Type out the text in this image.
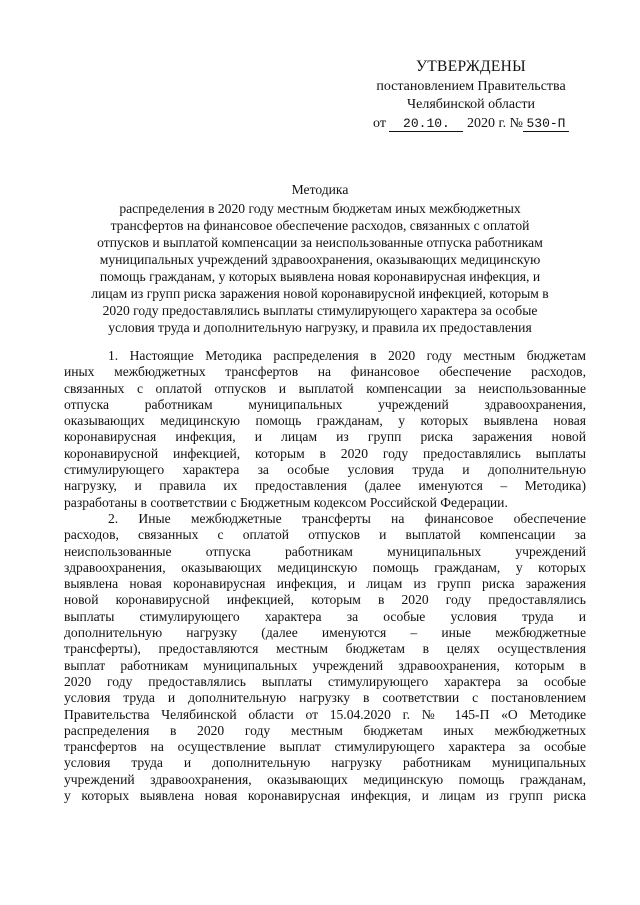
УТВЕРЖДЕНЫ
постановлением Правительства
Челябинской области
от 20.10. 2020 г. № 530-П
Методика
распределения в 2020 году местным бюджетам иных межбюджетных
трансфертов на финансовое обеспечение расходов, связанных с оплатой
отпусков и выплатой компенсации за неиспользованные отпуска работникам
муниципальных учреждений здравоохранения, оказывающих медицинскую
помощь гражданам, у которых выявлена новая коронавирусная инфекция, и
лицам из групп риска заражения новой коронавирусной инфекцией, которым в
2020 году предоставлялись выплаты стимулирующего характера за особые
условия труда и дополнительную нагрузку, и правила их предоставления
1. Настоящие Методика распределения в 2020 году местным бюджетам
иных межбюджетных трансфертов на финансовое обеспечение расходов,
связанных с оплатой отпусков и выплатой компенсации за неиспользованные
отпуска работникам муниципальных учреждений здравоохранения,
оказывающих медицинскую помощь гражданам, у которых выявлена новая
коронавирусная инфекция, и лицам из групп риска заражения новой
коронавирусной инфекцией, которым в 2020 году предоставлялись выплаты
стимулирующего характера за особые условия труда и дополнительную
нагрузку, и правила их предоставления (далее именуются – Методика)
разработаны в соответствии с Бюджетным кодексом Российской Федерации.
2. Иные межбюджетные трансферты на финансовое обеспечение
расходов, связанных с оплатой отпусков и выплатой компенсации за
неиспользованные отпуска работникам муниципальных учреждений
здравоохранения, оказывающих медицинскую помощь гражданам, у которых
выявлена новая коронавирусная инфекция, и лицам из групп риска заражения
новой коронавирусной инфекцией, которым в 2020 году предоставлялись
выплаты стимулирующего характера за особые условия труда и
дополнительную нагрузку (далее именуются – иные межбюджетные
трансферты), предоставляются местным бюджетам в целях осуществления
выплат работникам муниципальных учреждений здравоохранения, которым в
2020 году предоставлялись выплаты стимулирующего характера за особые
условия труда и дополнительную нагрузку в соответствии с постановлением
Правительства Челябинской области от 15.04.2020 г. № 145-П «О Методике
распределения в 2020 году местным бюджетам иных межбюджетных
трансфертов на осуществление выплат стимулирующего характера за особые
условия труда и дополнительную нагрузку работникам муниципальных
учреждений здравоохранения, оказывающих медицинскую помощь гражданам,
у которых выявлена новая коронавирусная инфекция, и лицам из групп риска
